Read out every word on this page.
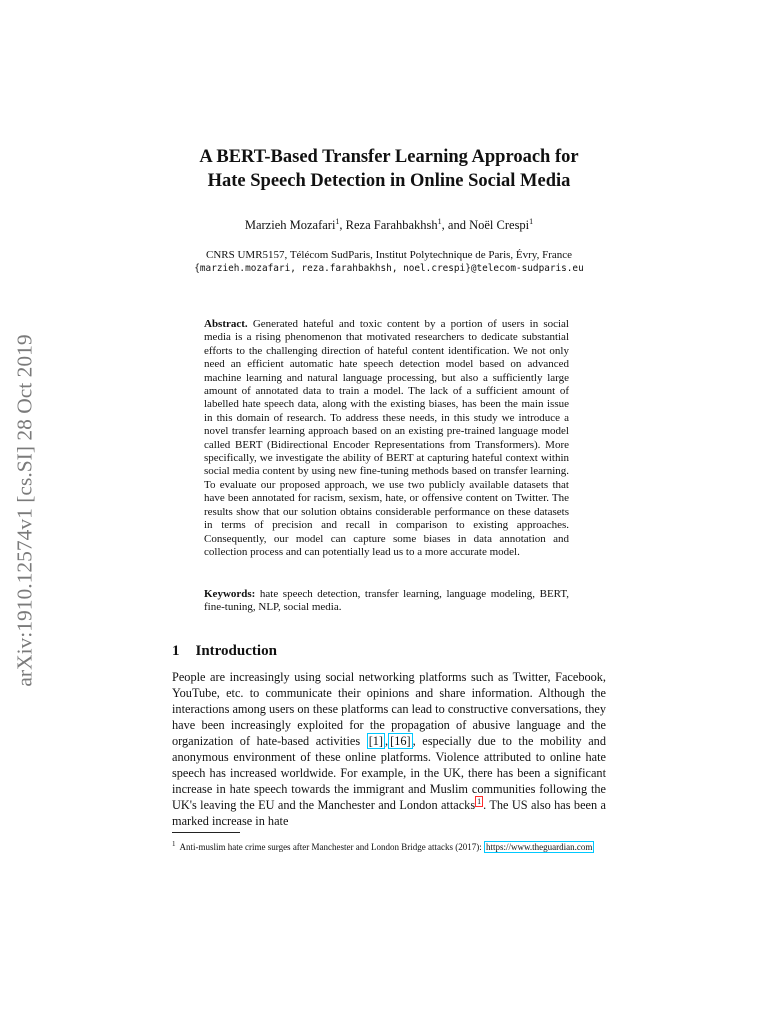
arXiv:1910.12574v1 [cs.SI] 28 Oct 2019
A BERT-Based Transfer Learning Approach for
Hate Speech Detection in Online Social Media
Marzieh Mozafari$^1$, Reza Farahbakhsh$^1$, and Noël Crespi$^1$
CNRS UMR5157, Télécom SudParis, Institut Polytechnique de Paris, Évry, France
{marzieh.mozafari, reza.farahbakhsh, noel.crespi}@telecom-sudparis.eu

Abstract. Generated hateful and toxic content by a portion of users in social media is a rising phenomenon that motivated researchers to dedicate substantial efforts to the challenging direction of hateful content identification. We not only need an efficient automatic hate speech detection model based on advanced machine learning and natural language processing, but also a sufficiently large amount of annotated data to train a model. The lack of a sufficient amount of labelled hate speech data, along with the existing biases, has been the main issue in this domain of research. To address these needs, in this study we introduce a novel transfer learning approach based on an existing pre-trained language model called BERT (Bidirectional Encoder Representations from Transformers). More specifically, we investigate the ability of BERT at capturing hateful context within social media content by using new fine-tuning methods based on transfer learning. To evaluate our proposed approach, we use two publicly available datasets that have been annotated for racism, sexism, hate, or offensive content on Twitter. The results show that our solution obtains considerable performance on these datasets in terms of precision and recall in comparison to existing approaches. Consequently, our model can capture some biases in data annotation and collection process and can potentially lead us to a more accurate model.

Keywords: hate speech detection, transfer learning, language modeling, BERT, fine-tuning, NLP, social media.

1 Introduction

People are increasingly using social networking platforms such as Twitter, Facebook, YouTube, etc. to communicate their opinions and share information. Although the interactions among users on these platforms can lead to constructive conversations, they have been increasingly exploited for the propagation of abusive language and the organization of hate-based activities [1] , [16] , especially due to the mobility and anonymous environment of these online platforms. Violence attributed to online hate speech has increased worldwide. For example, in the UK, there has been a significant increase in hate speech towards the immigrant and Muslim communities following the UK's leaving the EU and the Manchester and London attacks $^1$ . The US also has been a marked increase in hate

$^1$ Anti-muslim hate crime surges after Manchester and London Bridge attacks (2017): https://www.theguardian.com
